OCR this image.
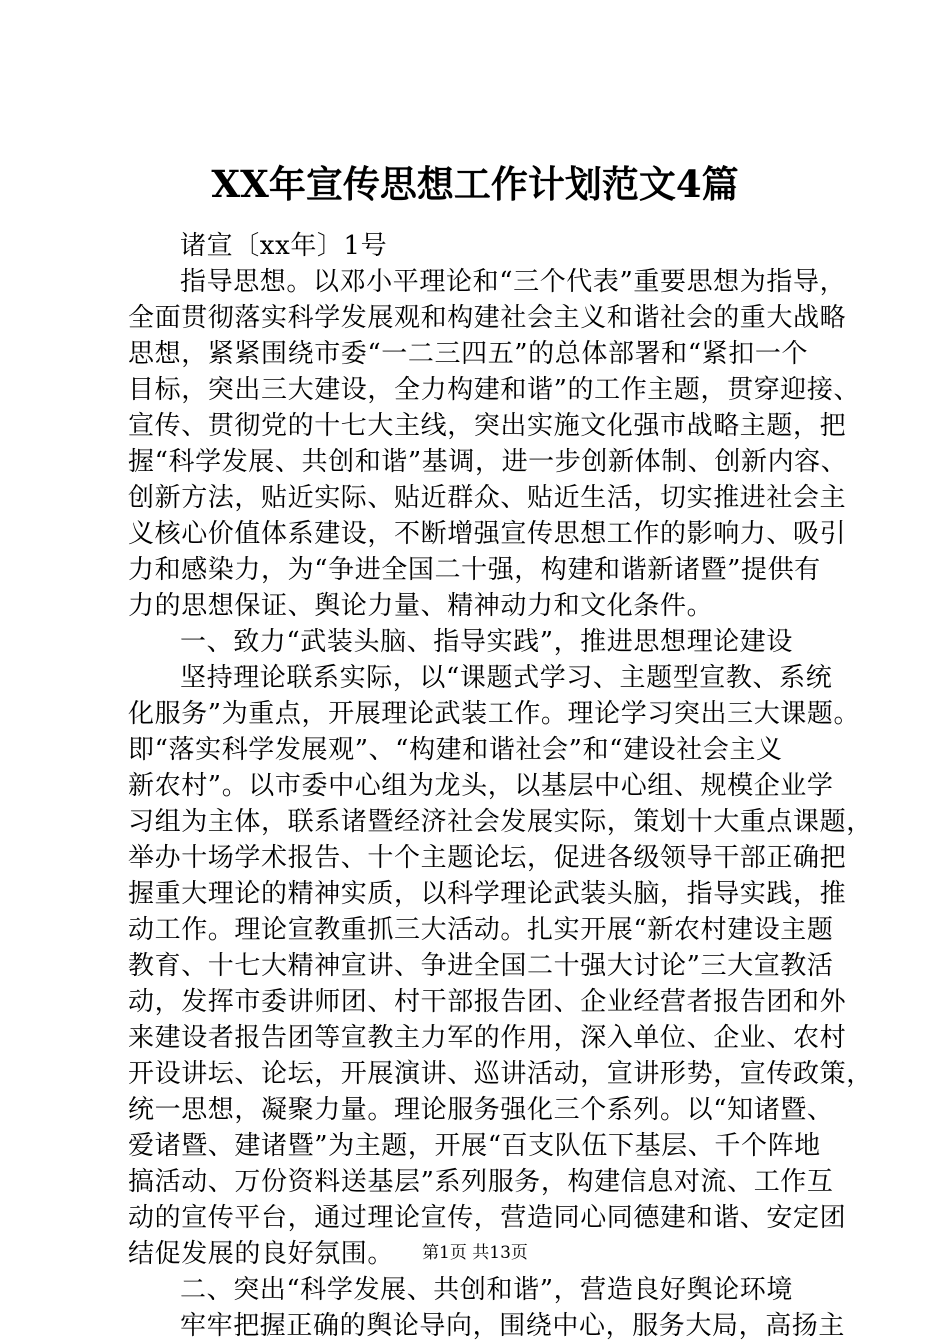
XX年宣传思想工作计划范文4篇
诸宣〔xx年〕1号
指导思想。以邓小平理论和“三个代表”重要思想为指导，
全面贯彻落实科学发展观和构建社会主义和谐社会的重大战略
思想，紧紧围绕市委“一二三四五”的总体部署和“紧扣一个
目标，突出三大建设，全力构建和谐”的工作主题，贯穿迎接、
宣传、贯彻党的十七大主线，突出实施文化强市战略主题，把
握“科学发展、共创和谐”基调，进一步创新体制、创新内容、
创新方法，贴近实际、贴近群众、贴近生活，切实推进社会主
义核心价值体系建设，不断增强宣传思想工作的影响力、吸引
力和感染力，为“争进全国二十强，构建和谐新诸暨”提供有
力的思想保证、舆论力量、精神动力和文化条件。
一、致力“武装头脑、指导实践”，推进思想理论建设
坚持理论联系实际，以“课题式学习、主题型宣教、系统
化服务”为重点，开展理论武装工作。理论学习突出三大课题。
即“落实科学发展观”、“构建和谐社会”和“建设社会主义
新农村”。以市委中心组为龙头，以基层中心组、规模企业学
习组为主体，联系诸暨经济社会发展实际，策划十大重点课题，
举办十场学术报告、十个主题论坛，促进各级领导干部正确把
握重大理论的精神实质，以科学理论武装头脑，指导实践，推
动工作。理论宣教重抓三大活动。扎实开展“新农村建设主题
教育、十七大精神宣讲、争进全国二十强大讨论”三大宣教活
动，发挥市委讲师团、村干部报告团、企业经营者报告团和外
来建设者报告团等宣教主力军的作用，深入单位、企业、农村
开设讲坛、论坛，开展演讲、巡讲活动，宣讲形势，宣传政策，
统一思想，凝聚力量。理论服务强化三个系列。以“知诸暨、
爱诸暨、建诸暨”为主题，开展“百支队伍下基层、千个阵地
搞活动、万份资料送基层”系列服务，构建信息对流、工作互
动的宣传平台，通过理论宣传，营造同心同德建和谐、安定团
结促发展的良好氛围。
二、突出“科学发展、共创和谐”，营造良好舆论环境
牢牢把握正确的舆论导向，围绕中心，服务大局，高扬主
第1页 共13页
